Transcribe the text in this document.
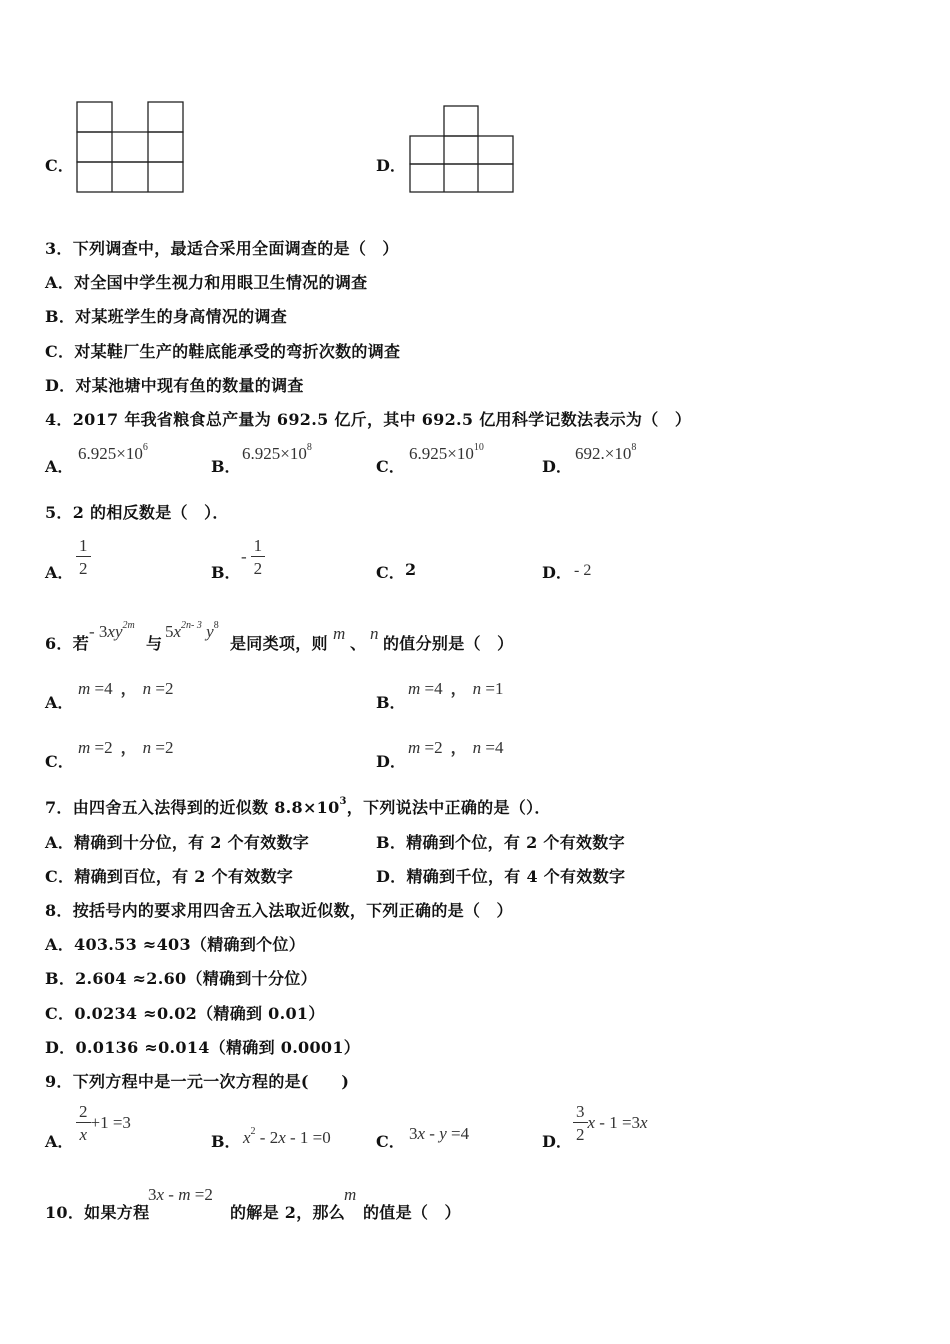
C．	D．
3．下列调查中，最适合采用全面调查的是（　）
A．对全国中学生视力和用眼卫生情况的调查
B．对某班学生的身高情况的调查
C．对某鞋厂生产的鞋底能承受的弯折次数的调查
D．对某池塘中现有鱼的数量的调查
4．2017 年我省粮食总产量为 692.5 亿斤，其中 692.5 亿用科学记数法表示为（　）
A．
$6.925\times 10^6$
B．
$6.925\times 10^8$
C．
$6.925\times 10^{10}$
D．
$692.\times 10^8$
5．2 的相反数是（　）．
A． $\frac{1}{2}$	B．
- $\frac{1}{2}$	C． 2	D． - 2
6．若
- $3xy^{2m}$
与
$5x^{2n- 3}$ $y^8$
是同类项，则
m
、
n
的值分别是（　）
A．
m =4 ， n =2
B．
m =4 ， n =1
C．
m =2 ， n =2
D．
m =2 ， n =4
7．由四舍五入法得到的近似数 $8.8\times 10^3$，下列说法中正确的是（）．
A．精确到十分位，有 2 个有效数字	B．精确到个位，有 2 个有效数字
C．精确到百位，有 2 个有效数字	D．精确到千位，有 4 个有效数字
8．按括号内的要求用四舍五入法取近似数，下列正确的是（　）
A．403.53 ≈403（精确到个位）
B．2.604 ≈2.60（精确到十分位）
C．0.0234 ≈0.02（精确到 0.01）
D．0.0136 ≈0.014（精确到 0.0001）
9．下列方程中是一元一次方程的是(　　)
A． $\frac{2}{x} +1 =3$
B． $x^2 - 2x - 1 =0$	C． 3x - y =4	D． $\frac{3}{2}$ x - 1 =3x
10．如果方程
3x - m =2
的解是 2，那么
m
的值是（　）
